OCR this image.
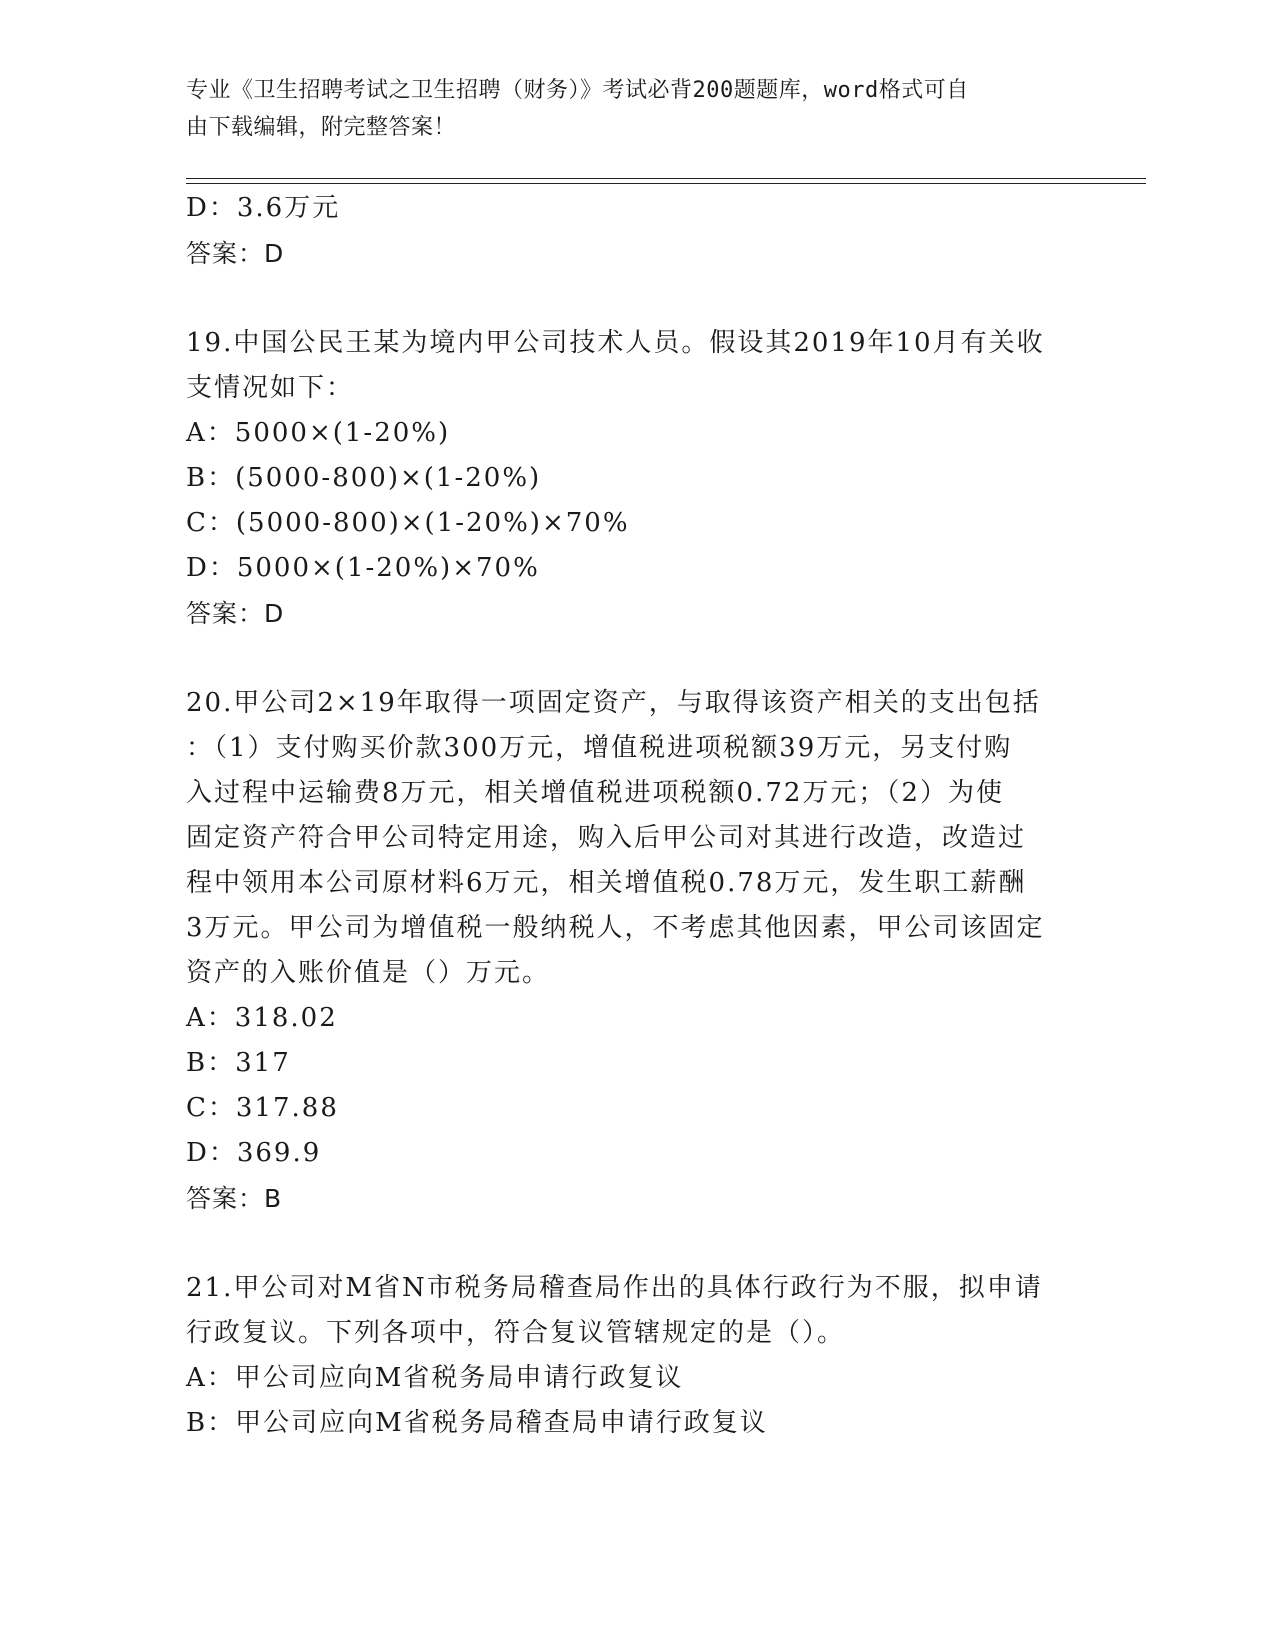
专业《卫生招聘考试之卫生招聘（财务）》考试必背200题题库，word格式可自
由下载编辑，附完整答案！
D：3.6万元
答案：D
19.中国公民王某为境内甲公司技术人员。假设其2019年10月有关收
支情况如下：
A：5000×(1-20%)
B：(5000-800)×(1-20%)
C：(5000-800)×(1-20%)×70%
D：5000×(1-20%)×70%
答案：D
20.甲公司2×19年取得一项固定资产，与取得该资产相关的支出包括
：（1）支付购买价款300万元，增值税进项税额39万元，另支付购
入过程中运输费8万元，相关增值税进项税额0.72万元；（2）为使
固定资产符合甲公司特定用途，购入后甲公司对其进行改造，改造过
程中领用本公司原材料6万元，相关增值税0.78万元，发生职工薪酬
3万元。甲公司为增值税一般纳税人，不考虑其他因素，甲公司该固定
资产的入账价值是（）万元。
A：318.02
B：317
C：317.88
D：369.9
答案：B
21.甲公司对M省N市税务局稽查局作出的具体行政行为不服，拟申请
行政复议。下列各项中，符合复议管辖规定的是（）。
A：甲公司应向M省税务局申请行政复议
B：甲公司应向M省税务局稽查局申请行政复议
